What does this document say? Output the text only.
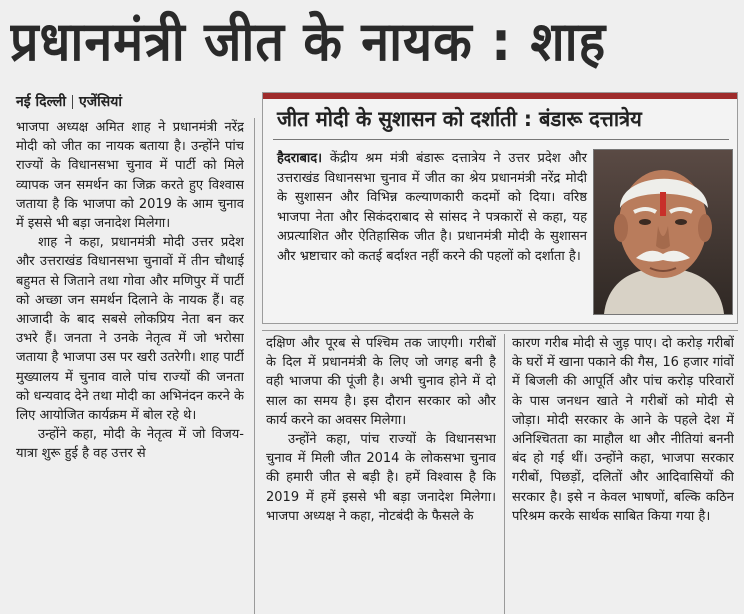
प्रधानमंत्री जीत के नायक : शाह
नई दिल्ली एजेंसियां

भाजपा अध्यक्ष अमित शाह ने प्रधानमंत्री नरेंद्र मोदी को जीत का नायक बताया है। उन्होंने पांच राज्यों के विधानसभा चुनाव में पार्टी को मिले व्यापक जन समर्थन का जिक्र करते हुए विश्वास जताया है कि भाजपा को 2019 के आम चुनाव में इससे भी बड़ा जनादेश मिलेगा।

शाह ने कहा, प्रधानमंत्री मोदी उत्तर प्रदेश और उत्तराखंड विधानसभा चुनावों में तीन चौथाई बहुमत से जिताने तथा गोवा और मणिपुर में पार्टी को अच्छा जन समर्थन दिलाने के नायक हैं। वह आजादी के बाद सबसे लोकप्रिय नेता बन कर उभरे हैं। जनता ने उनके नेतृत्व में जो भरोसा जताया है भाजपा उस पर खरी उतरेगी। शाह पार्टी मुख्यालय में चुनाव वाले पांच राज्यों की जनता को धन्यवाद देने तथा मोदी का अभिनंदन करने के लिए आयोजित कार्यक्रम में बोल रहे थे।

उन्होंने कहा, मोदी के नेतृत्व में जो विजय-यात्रा शुरू हुई है वह उत्तर से

जीत मोदी के सुशासन को दर्शाती : बंडारू दत्तात्रेय
हैदराबाद। केंद्रीय श्रम मंत्री बंडारू दत्तात्रेय ने उत्तर प्रदेश और उत्तराखंड विधानसभा चुनाव में जीत का श्रेय प्रधानमंत्री नरेंद्र मोदी के सुशासन और विभिन्न कल्याणकारी कदमों को दिया। वरिष्ठ भाजपा नेता और सिकंदराबाद से सांसद ने पत्रकारों से कहा, यह अप्रत्याशित और ऐतिहासिक जीत है। प्रधानमंत्री मोदी के सुशासन और भ्रष्टाचार को कतई बर्दाश्त नहीं करने की पहलों को दर्शाता है।

दक्षिण और पूरब से पश्चिम तक जाएगी। गरीबों के दिल में प्रधानमंत्री के लिए जो जगह बनी है वही भाजपा की पूंजी है। अभी चुनाव होने में दो साल का समय है। इस दौरान सरकार को और कार्य करने का अवसर मिलेगा।

उन्होंने कहा, पांच राज्यों के विधानसभा चुनाव में मिली जीत 2014 के लोकसभा चुनाव की हमारी जीत से बड़ी है। हमें विश्वास है कि 2019 में हमें इससे भी बड़ा जनादेश मिलेगा। भाजपा अध्यक्ष ने कहा, नोटबंदी के फैसले के

कारण गरीब मोदी से जुड़ पाए। दो करोड़ गरीबों के घरों में खाना पकाने की गैस, 16 हजार गांवों में बिजली की आपूर्ति और पांच करोड़ परिवारों के पास जनधन खाते ने गरीबों को मोदी से जोड़ा। मोदी सरकार के आने के पहले देश में अनिश्चितता का माहौल था और नीतियां बननी बंद हो गई थीं। उन्होंने कहा, भाजपा सरकार गरीबों, पिछड़ों, दलितों और आदिवासियों की सरकार है। इसे न केवल भाषणों, बल्कि कठिन परिश्रम करके सार्थक साबित किया गया है।
